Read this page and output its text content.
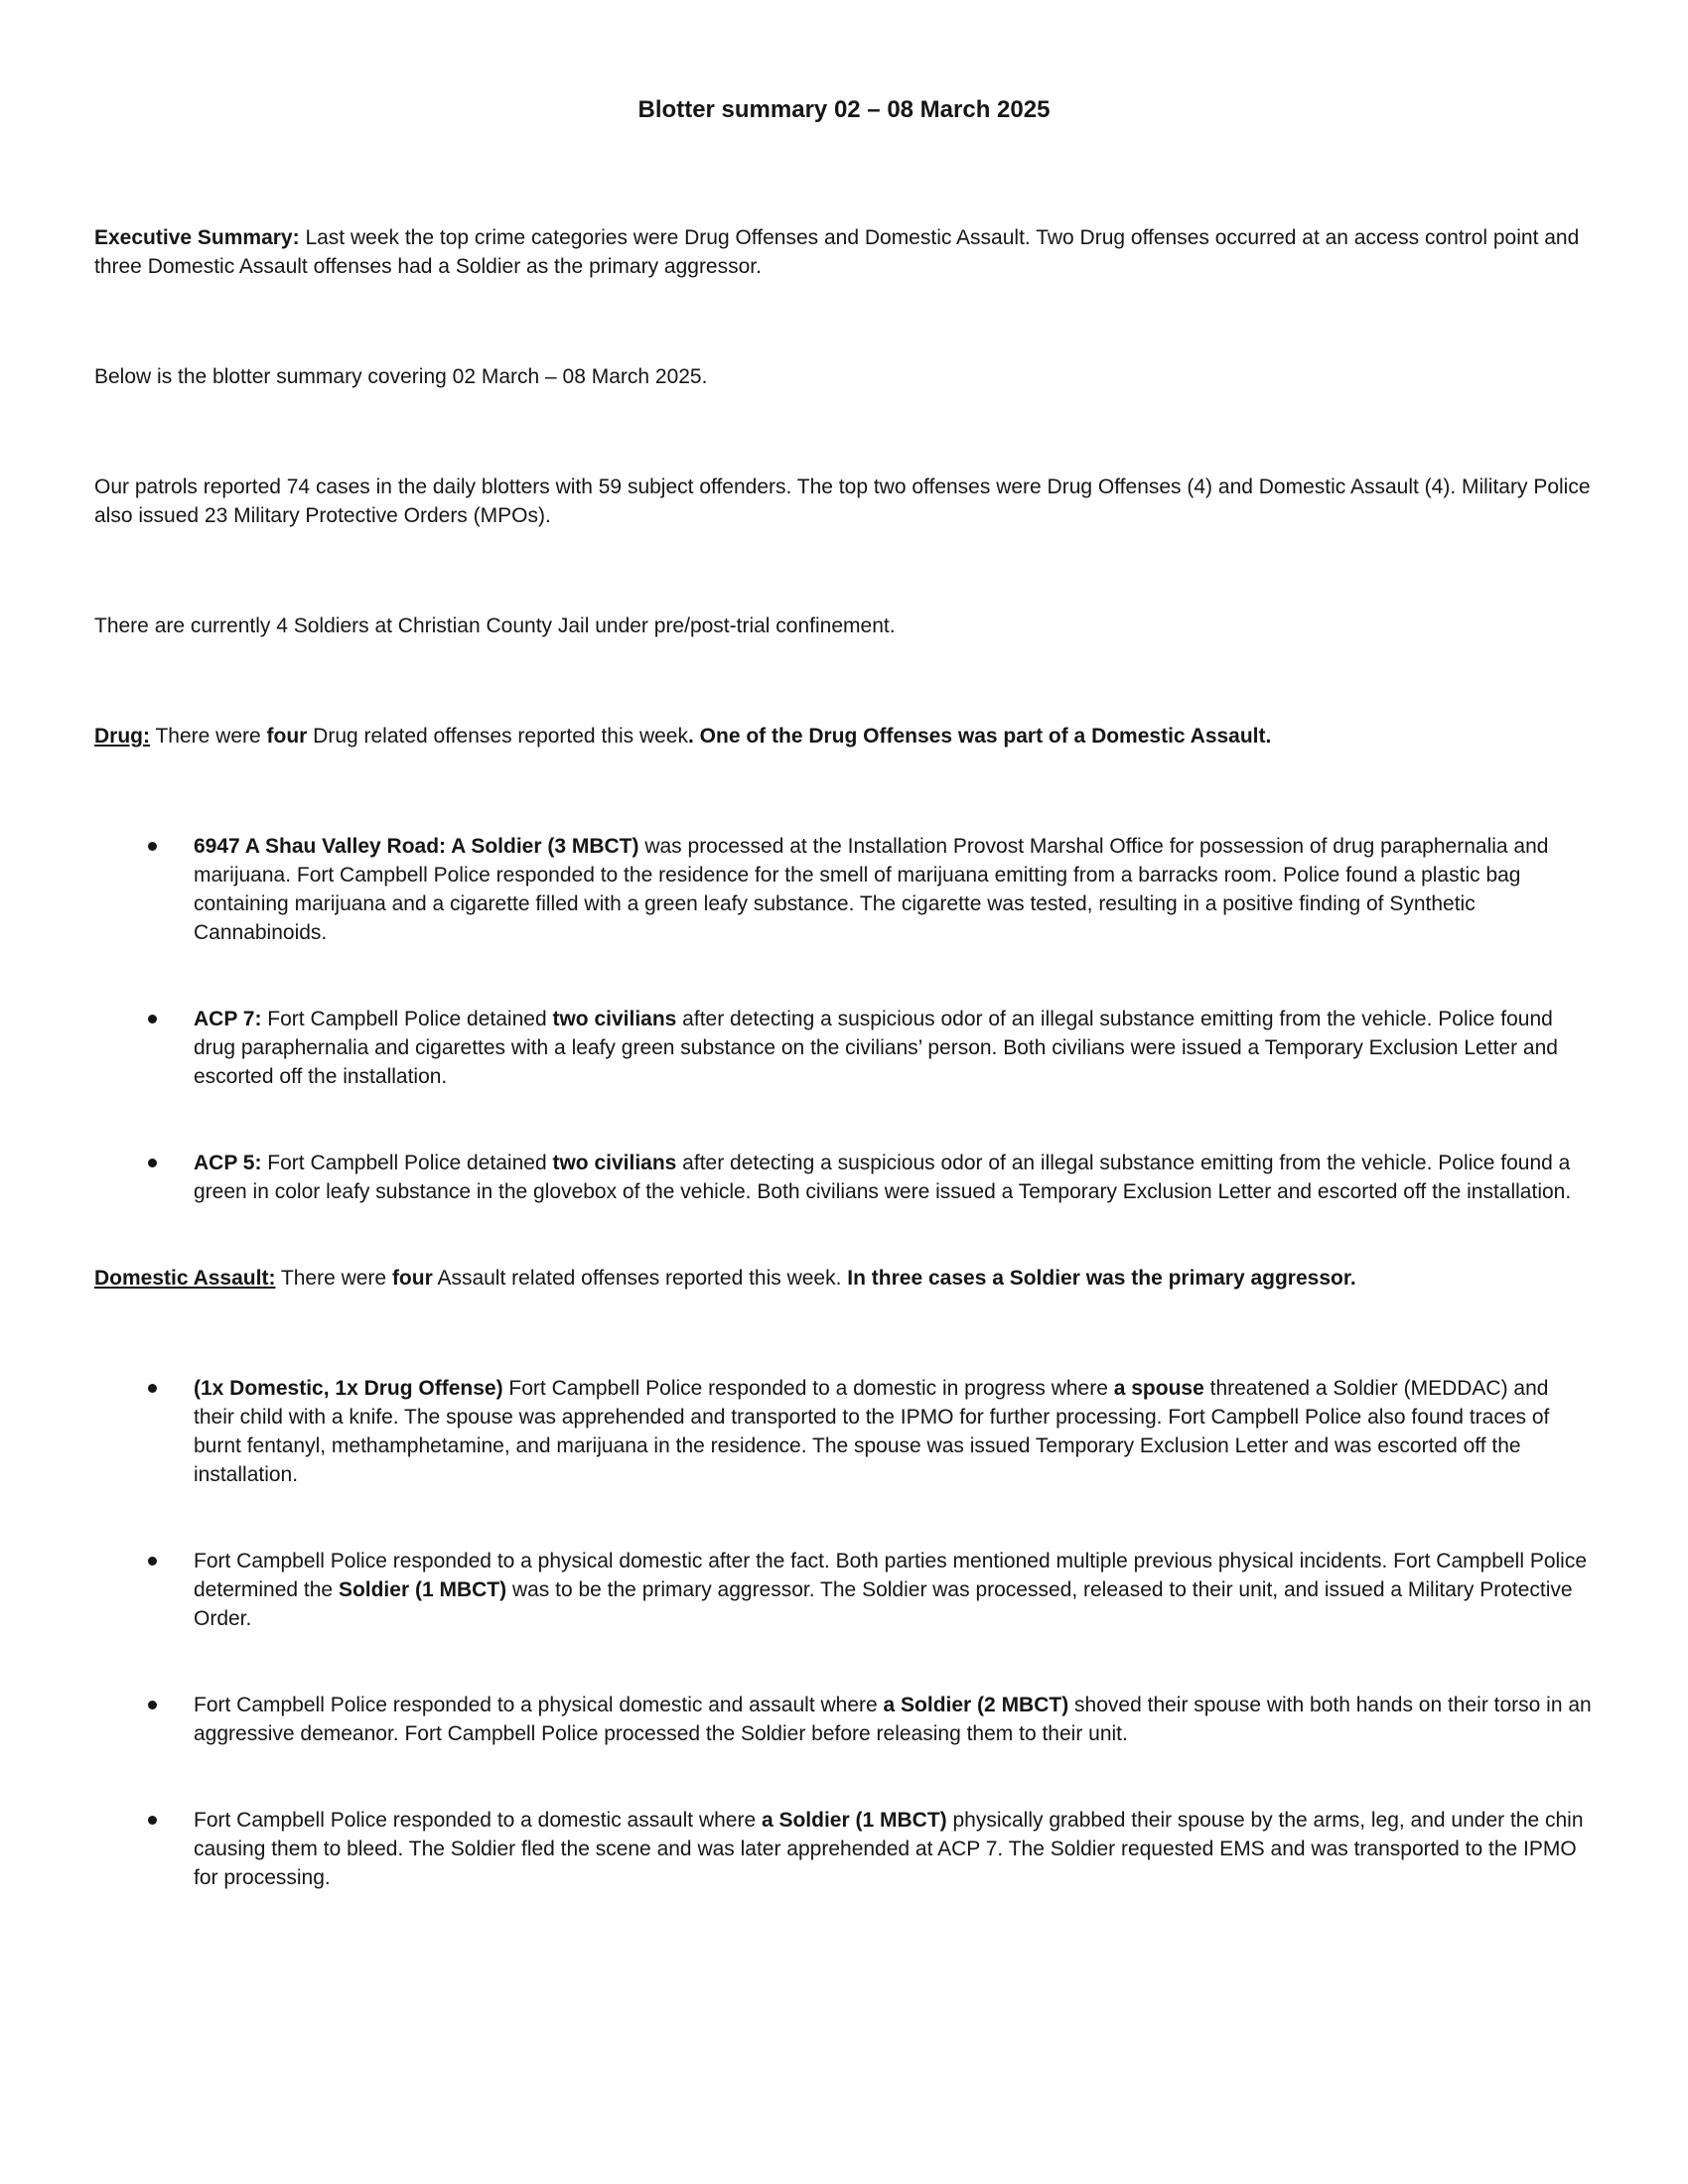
Blotter summary 02 – 08 March 2025

Executive Summary: Last week the top crime categories were Drug Offenses and Domestic Assault. Two Drug offenses occurred at an access control point and three Domestic Assault offenses had a Soldier as the primary aggressor.

Below is the blotter summary covering 02 March – 08 March 2025.

Our patrols reported 74 cases in the daily blotters with 59 subject offenders. The top two offenses were Drug Offenses (4) and Domestic Assault (4). Military Police also issued 23 Military Protective Orders (MPOs).

There are currently 4 Soldiers at Christian County Jail under pre/post-trial confinement.

Drug: There were four Drug related offenses reported this week. One of the Drug Offenses was part of a Domestic Assault.

6947 A Shau Valley Road: A Soldier (3 MBCT) was processed at the Installation Provost Marshal Office for possession of drug paraphernalia and marijuana. Fort Campbell Police responded to the residence for the smell of marijuana emitting from a barracks room. Police found a plastic bag containing marijuana and a cigarette filled with a green leafy substance. The cigarette was tested, resulting in a positive finding of Synthetic Cannabinoids.
ACP 7: Fort Campbell Police detained two civilians after detecting a suspicious odor of an illegal substance emitting from the vehicle. Police found drug paraphernalia and cigarettes with a leafy green substance on the civilians’ person. Both civilians were issued a Temporary Exclusion Letter and escorted off the installation.
ACP 5: Fort Campbell Police detained two civilians after detecting a suspicious odor of an illegal substance emitting from the vehicle. Police found a green in color leafy substance in the glovebox of the vehicle. Both civilians were issued a Temporary Exclusion Letter and escorted off the installation.

Domestic Assault: There were four Assault related offenses reported this week. In three cases a Soldier was the primary aggressor.

(1x Domestic, 1x Drug Offense) Fort Campbell Police responded to a domestic in progress where a spouse threatened a Soldier (MEDDAC) and their child with a knife. The spouse was apprehended and transported to the IPMO for further processing. Fort Campbell Police also found traces of burnt fentanyl, methamphetamine, and marijuana in the residence. The spouse was issued Temporary Exclusion Letter and was escorted off the installation.
Fort Campbell Police responded to a physical domestic after the fact. Both parties mentioned multiple previous physical incidents. Fort Campbell Police determined the Soldier (1 MBCT) was to be the primary aggressor. The Soldier was processed, released to their unit, and issued a Military Protective Order.
Fort Campbell Police responded to a physical domestic and assault where a Soldier (2 MBCT) shoved their spouse with both hands on their torso in an aggressive demeanor. Fort Campbell Police processed the Soldier before releasing them to their unit.
Fort Campbell Police responded to a domestic assault where a Soldier (1 MBCT) physically grabbed their spouse by the arms, leg, and under the chin causing them to bleed. The Soldier fled the scene and was later apprehended at ACP 7. The Soldier requested EMS and was transported to the IPMO for processing.
